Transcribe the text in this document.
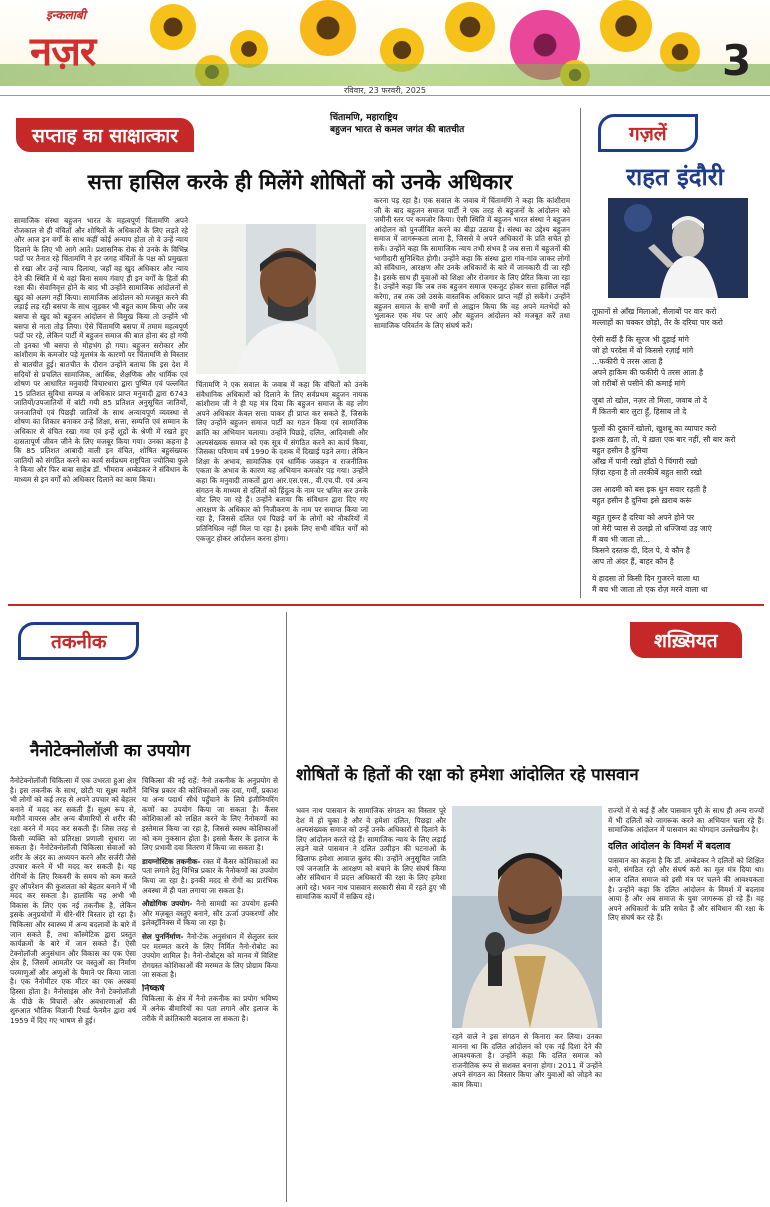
इन्कलाबी
नज़र	3
रविवार, 23 फरवरी, 2025
सप्ताह का साक्षात्कार
चिंतामणि, महाराष्ट्रिय
बहुजन भारत से कमल जगंत की बातचीत
सत्ता हासिल करके ही मिलेंगे शोषितों को उनके अधिकार
सामाजिक संस्था बहुजन भारत के महत्वपूर्ण चिंतामणि अपने रोजकाल से ही वंचितों और शोषितों के अधिकारों के लिए लड़ते रहे और आज इन वर्गों के साथ कहीं कोई अन्याय होता तो वे उन्हें न्याय दिलाने के लिए भी आगे आते। प्रशासनिक रोक से उनके के विभिन्न पदों पर तैनात रहे चिंतामणि ने हर जगह वंचितों के पक्ष को प्रमुखता से रखा और उन्हें न्याय दिलाया, जहाँ वह खुद अधिकार और न्याय देने की स्थिति में थे वहां बिना समय गंवाए ही इन वर्गों के हितों की रक्षा की। सेवानिवृत्त होने के बाद भी उन्होंने सामाजिक आंदोलनों से खुद को अलग नहीं किया। सामाजिक आंदोलन को मजबूत करने की लड़ाई लड़ रही बसपा के साथ जुड़कर भी बहुत काम किया और जब बसपा से खुद को बहुजन आंदोलन से विमुख किया तो उन्होंने भी बसपा से नाता तोड़ लिया। ऐसे चिंतामणि बसपा में तमाम महत्वपूर्ण पदों पर रहे, लेकिन पार्टी में बहुजन समाज की बात होना बंद हो गयी तो इनका भी बसपा से मोहभंग हो गया। बहुजन सरोकार और कांशीराम के कमजोर पड़े मूलमंत्र के कारणों पर चिंतामणि से विस्तार से बातचीत हुई। बातचीत के दौरान उन्होंने बताया कि इस देश में सदियों से प्रचलित सामाजिक, आर्थिक, शैक्षणिक और धार्मिक एवं शोषण पर आधारित मनुवादी विचारधारा द्वारा पुष्पित एवं पल्लवित 15 प्रतिशत सुविधा सम्पन्न व अधिकार प्राप्त मनुवादी द्वारा 6743 जातियों/उपजातियों में बांटी गयी 85 प्रतिशत अनुसूचित जातियों, जनजातियों एवं पिछड़ी जातियों के साथ अन्यायपूर्ण व्यवस्था से शोषण का शिकार बनाकर उन्हें शिक्षा, सत्ता, सम्पत्ति एवं सम्मान के अधिकार से वंचित रखा गया एवं इन्हें शूद्रों के श्रेणी में रखते हुए दासतापूर्ण जीवन जीने के लिए मजबूर किया गया। उनका कहना है कि 85 प्रतिशत आबादी वाली इन वंचित, शोषित बहुसंख्यक जातियों को संगठित करने का कार्य सर्वप्रथम राष्ट्रपिता ज्योतिबा फुले ने किया और फिर बाबा साहेब डॉ. भीमराव अम्बेडकर ने संविधान के माध्यम से इन वर्गों को अधिकार दिलाने का काम किया।
चिंतामणि ने एक सवाल के जवाब में कहा कि वंचितों को उनके संवैधानिक अधिकारों को दिलाने के लिए सर्वप्रथम बहुजन नायक कांशीराम जी ने ही यह मंत्र दिया कि बहुजन समाज के वह लोग अपने अधिकार केवल सत्ता पाकर ही प्राप्त कर सकते हैं, जिसके लिए उन्होंने बहुजन समाज पार्टी का गठन किया एवं सामाजिक क्रांति का अभियान चलाया। उन्होंने पिछड़े, दलित, आदिवासी और अल्पसंख्यक समाज को एक सूत्र में संगठित करने का कार्य किया, जिसका परिणाम वर्ष 1990 के दशक में दिखाई पड़ने लगा। लेकिन शिक्षा के अभाव, सामाजिक एवं धार्मिक जकड़न व राजनीतिक एकता के अभाव के कारण यह अभियान कमजोर पड़ गया। उन्होंने कहा कि मनुवादी ताकतों द्वारा आर.एस.एस., वी.एच.पी. एवं अन्य संगठन के माध्यम से दलितों को हिंदुत्व के नाम पर भ्रमित कर उनके वोट लिए जा रहे हैं। उन्होंने बताया कि संविधान द्वारा दिए गए आरक्षण के अधिकार को निजीकरण के नाम पर समाप्त किया जा रहा है, जिससे दलित एवं पिछड़े वर्ग के लोगों को नौकरियों में प्रतिनिधित्व नहीं मिल पा रहा है। इसके लिए सभी वंचित वर्गों को एकजुट होकर आंदोलन करना होगा।
करना पड़ रहा है। एक सवाल के जवाब में चिंतामणि ने कहा कि कांशीराम जी के बाद बहुजन समाज पार्टी ने एक तरह से बहुजनों के आंदोलन को जमीनी स्तर पर कमजोर किया। ऐसी स्थिति में बहुजन भारत संस्था ने बहुजन आंदोलन को पुनर्जीवित करने का बीड़ा उठाया है। संस्था का उद्देश्य बहुजन समाज में जागरूकता लाना है, जिससे वे अपने अधिकारों के प्रति सचेत हो सकें। उन्होंने कहा कि सामाजिक न्याय तभी संभव है जब सत्ता में बहुजनों की भागीदारी सुनिश्चित होगी। उन्होंने कहा कि संस्था द्वारा गांव-गांव जाकर लोगों को संविधान, आरक्षण और उनके अधिकारों के बारे में जानकारी दी जा रही है। इसके साथ ही युवाओं को शिक्षा और रोजगार के लिए प्रेरित किया जा रहा है। उन्होंने कहा कि जब तक बहुजन समाज एकजुट होकर सत्ता हासिल नहीं करेगा, तब तक उसे उसके वास्तविक अधिकार प्राप्त नहीं हो सकेंगे। उन्होंने बहुजन समाज के सभी वर्गों से आह्वान किया कि वह अपने मतभेदों को भुलाकर एक मंच पर आएं और बहुजन आंदोलन को मजबूत करें तथा सामाजिक परिवर्तन के लिए संघर्ष करें।
गज़लें
राहत इंदौरी
तूफ़ानों से आँख मिलाओ, सैलाबों पर वार करो
मल्लाहों का चक्कर छोड़ो, तैर के दरिया पार करो
ऐसी सर्दी है कि सूरज भी दुहाई मांगे
जो हो परदेस में वो किससे रज़ाई मांगे
...फकीरी पे तरस आता है
अपने हाकिम की फकीरी पे तरस आता है
जो ग़रीबों से पसीने की कमाई मांगे
जुबां तो खोल, नज़र तो मिला, जवाब तो दे
मैं कितनी बार लुटा हूँ, हिसाब तो दे
फूलों की दुकानें खोलो, खुशबू का व्यापार करो
इश्क़ ख़ता है, तो, ये ख़ता एक बार नहीं, सौ बार करो
बहुत हसीन है दुनिया
आँख में पानी रखो होंठों पे चिंगारी रखो
ज़िंदा रहना है तो तरकीबें बहुत सारी रखो
उस आदमी को बस इक धुन सवार रहती है
बहुत हसीन है दुनिया इसे ख़राब करूं
बहुत ग़ुरूर है दरिया को अपने होने पर
जो मेरी प्यास से उलझे तो धज्जियां उड़ जाएं
मैं बच भी जाता तो...
किसने दस्तक दी, दिल पे, ये कौन है
आप तो अंदर हैं, बाहर कौन है
ये हादसा तो किसी दिन गुजरने वाला था
मैं बच भी जाता तो एक रोज़ मरने वाला था
तकनीक
नैनोटेक्नोलॉजी का उपयोग
नैनोटेक्नोलॉजी चिकित्सा में एक उभरता हुआ क्षेत्र है। इस तकनीक के साथ, छोटी या सूक्ष्म मशीनें भी लोगों को कई तरह से अपने उपचार को बेहतर बनाने में मदद कर सकती हैं। सूक्ष्म रूप से, मशीनें वायरस और अन्य बीमारियों से शरीर की रक्षा करने में मदद कर सकती हैं। जिस तरह से किसी व्यक्ति को प्रतिरक्षा प्रणाली सुधारा जा सकता है। नैनोटेक्नोलॉजी चिकित्सा सेवाओं को शरीर के अंदर का अध्ययन करने और सर्जरी जैसे उपचार करने में भी मदद कर सकती है। यह रोगियों के लिए रिकवरी के समय को कम करते हुए ऑपरेशन की कुशलता को बेहतर बनाने में भी मदद कर सकता है। हालांकि यह अभी भी विकास के लिए एक नई तकनीक है, लेकिन इसके अनुप्रयोगों में धीरे-धीरे विस्तार हो रहा है। चिकित्सा और स्वास्थ्य में अन्य बदलावों के बारे में जान सकते हैं, तथा कॉस्मेटिक द्वारा प्रस्तुत कार्यक्रमों के बारे में जान सकते हैं। ऐसी टेक्नोलॉजी अनुसंधान और विकास का एक ऐसा क्षेत्र है, जिसमें आमतौर पर वस्तुओं का निर्माण परमाणुओं और अणुओं के पैमाने पर किया जाता है। एक नैनोमीटर एक मीटर का एक अरबवां हिस्सा होता है। नैनोसाइंस और नैनो टेक्नोलॉजी के पीछे के विचारों और अवधारणाओं की शुरुआत भौतिक विज्ञानी रिचर्ड फेनमैन द्वारा वर्ष 1959 में दिए गए भाषण से हुई।
चिकित्सा की नई राहें: नैनो तकनीक के अनुप्रयोग से विभिन्न प्रकार की कोशिकाओं तक दवा, गर्मी, प्रकाश या अन्य पदार्थ सीधे पहुँचाने के लिये इंजीनियरिंग कणों का उपयोग किया जा सकता है। कैंसर कोशिकाओं को लक्षित करने के लिए नैनोकणों का इस्तेमाल किया जा रहा है, जिससे स्वस्थ कोशिकाओं को कम नुकसान होता है। इससे कैंसर के इलाज के लिए प्रभावी दवा वितरण में किया जा सकता है।
डायग्नोस्टिक तकनीक- रक्त में कैंसर कोशिकाओं का पता लगाने हेतु विभिन्न प्रकार के नैनोकणों का उपयोग किया जा रहा है। इनकी मदद से रोगों का प्रारंभिक अवस्था में ही पता लगाया जा सकता है।
औद्योगिक उपयोग- नैनो सामग्री का उपयोग हल्की और मज़बूत वस्तुएं बनाने, सौर ऊर्जा उपकरणों और इलेक्ट्रॉनिक्स में किया जा रहा है।
सेल पुनर्निर्माण- नैनो-टेक अनुसंधान में सेलुलर स्तर पर मरम्मत करने के लिए निर्मित नैनो-रोबोट का उपयोग शामिल है। नैनो-रोबोट्स को मानव में विशिष्ट रोगग्रस्त कोशिकाओं की मरम्मत के लिए प्रोग्राम किया जा सकता है।
निष्कर्ष
चिकित्सा के क्षेत्र में नैनो तकनीक का प्रयोग भविष्य में अनेक बीमारियों का पता लगाने और इलाज के तरीके में क्रांतिकारी बदलाव ला सकता है।
शख़्सियत
शोषितों के हितों की रक्षा को हमेशा आंदोलित रहे पासवान
भवन नाथ पासवान के सामाजिक संगठन का विस्तार पूरे देश में हो चुका है और वे हमेशा दलित, पिछड़ा और अल्पसंख्यक समाज को उन्हें उनके अधिकारों से दिलाने के लिए आंदोलन करते रहे हैं। सामाजिक न्याय के लिए लड़ाई लड़ने वाले पासवान ने दलित उत्पीड़न की घटनाओं के खिलाफ हमेशा आवाज बुलंद की। उन्होंने अनुसूचित जाति एवं जनजाति के आरक्षण को बचाने के लिए संघर्ष किया और संविधान में प्रदत्त अधिकारों की रक्षा के लिए हमेशा आगे रहे। भवन नाथ पासवान सरकारी सेवा में रहते हुए भी सामाजिक कार्यों में सक्रिय रहे।
रहने वाले ने इस संगठन से किनारा कर लिया। उनका मानना था कि दलित आंदोलन को एक नई दिशा देने की आवश्यकता है। उन्होंने कहा कि दलित समाज को राजनीतिक रूप से सशक्त बनाना होगा। 2011 में उन्होंने अपने संगठन का विस्तार किया और युवाओं को जोड़ने का काम किया।
राज्यों में से कई हैं और पासवान पूरी के साथ ही अन्य राज्यों में भी दलितों को जागरूक करने का अभियान चला रहे हैं। सामाजिक आंदोलन में पासवान का योगदान उल्लेखनीय है।
दलित आंदोलन के विमर्श में बदलाव
पासवान का कहना है कि डॉ. अम्बेडकर ने दलितों को शिक्षित बनो, संगठित रहो और संघर्ष करो का मूल मंत्र दिया था। आज दलित समाज को इसी मंत्र पर चलने की आवश्यकता है। उन्होंने कहा कि दलित आंदोलन के विमर्श में बदलाव आया है और अब समाज के युवा जागरूक हो रहे हैं। वह अपने अधिकारों के प्रति सचेत हैं और संविधान की रक्षा के लिए संघर्ष कर रहे हैं।
